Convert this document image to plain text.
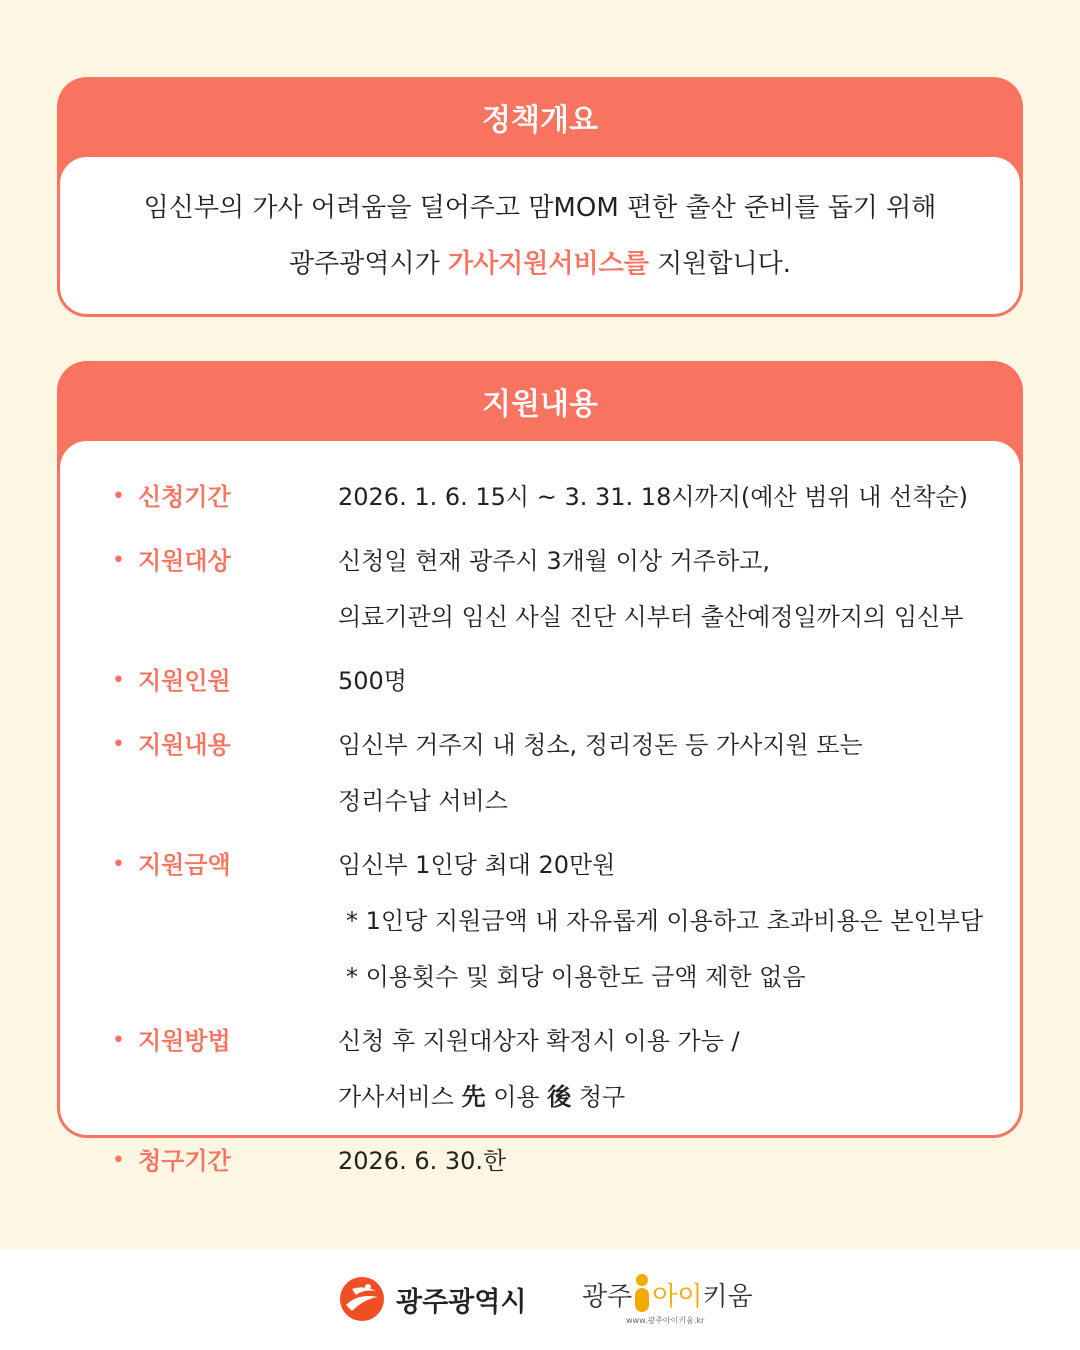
정책개요
임신부의 가사 어려움을 덜어주고 맘MOM 편한 출산 준비를 돕기 위해
광주광역시가 가사지원서비스를 지원합니다.
지원내용
• 신청기간	2026. 1. 6. 15시 ~ 3. 31. 18시까지(예산 범위 내 선착순)
• 지원대상	신청일 현재 광주시 3개월 이상 거주하고,
의료기관의 임신 사실 진단 시부터 출산예정일까지의 임신부
• 지원인원	500명
• 지원내용	임신부 거주지 내 청소, 정리정돈 등 가사지원 또는
정리수납 서비스
• 지원금액	임신부 1인당 최대 20만원
* 1인당 지원금액 내 자유롭게 이용하고 초과비용은 본인부담
* 이용횟수 및 회당 이용한도 금액 제한 없음
• 지원방법	신청 후 지원대상자 확정시 이용 가능 /
가사서비스 先 이용 後 청구
• 청구기간	2026. 6. 30.한
광주광역시 광주 아이 키움
www.광주아이키움.kr
